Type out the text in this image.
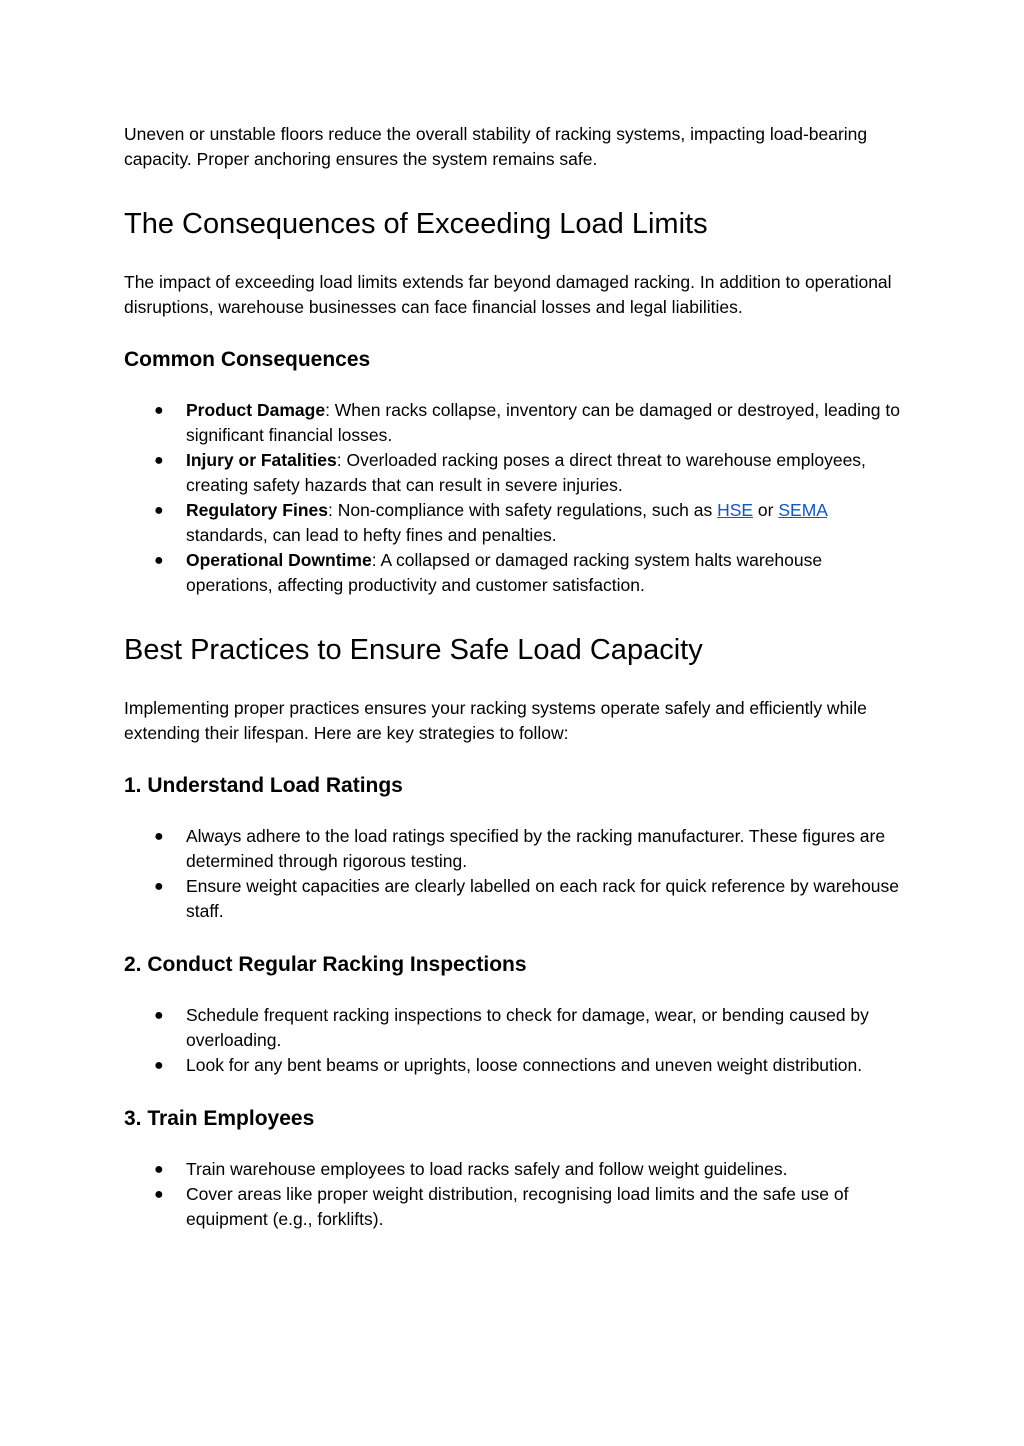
Uneven or unstable floors reduce the overall stability of racking systems, impacting load-bearing capacity. Proper anchoring ensures the system remains safe.

The Consequences of Exceeding Load Limits

The impact of exceeding load limits extends far beyond damaged racking. In addition to operational disruptions, warehouse businesses can face financial losses and legal liabilities.

Common Consequences
● Product Damage: When racks collapse, inventory can be damaged or destroyed, leading to significant financial losses.
● Injury or Fatalities: Overloaded racking poses a direct threat to warehouse employees, creating safety hazards that can result in severe injuries.
● Regulatory Fines: Non-compliance with safety regulations, such as HSE or SEMA standards, can lead to hefty fines and penalties.
● Operational Downtime: A collapsed or damaged racking system halts warehouse operations, affecting productivity and customer satisfaction.
Best Practices to Ensure Safe Load Capacity

Implementing proper practices ensures your racking systems operate safely and efficiently while extending their lifespan. Here are key strategies to follow:

1. Understand Load Ratings
● Always adhere to the load ratings specified by the racking manufacturer. These figures are determined through rigorous testing.
● Ensure weight capacities are clearly labelled on each rack for quick reference by warehouse staff.
2. Conduct Regular Racking Inspections
● Schedule frequent racking inspections to check for damage, wear, or bending caused by overloading.
● Look for any bent beams or uprights, loose connections and uneven weight distribution.
3. Train Employees
● Train warehouse employees to load racks safely and follow weight guidelines.
● Cover areas like proper weight distribution, recognising load limits and the safe use of equipment (e.g., forklifts).
